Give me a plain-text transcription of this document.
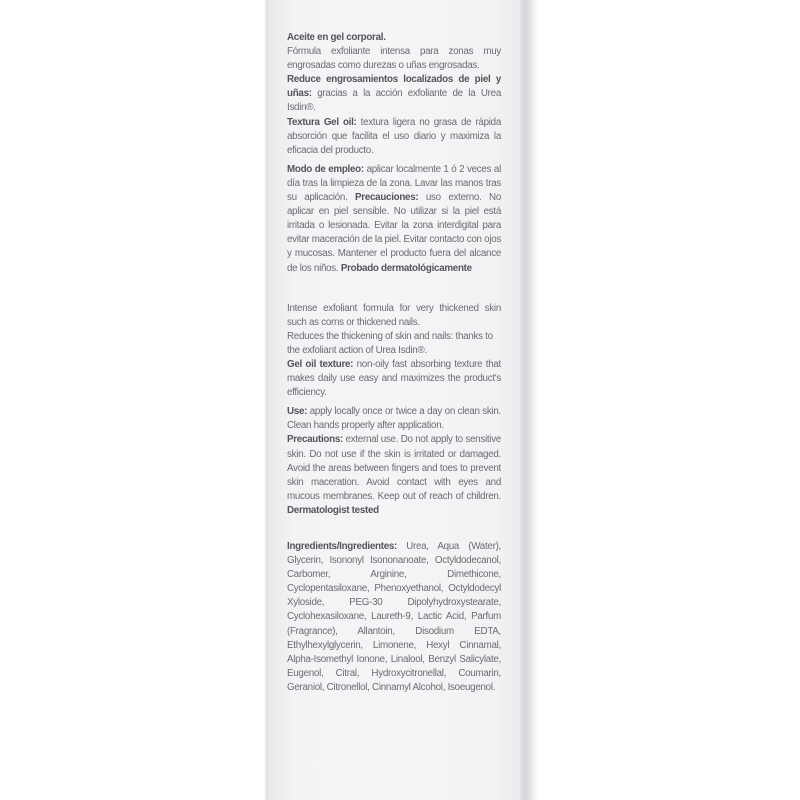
Aceite en gel corporal.

Fórmula exfoliante intensa para zonas muy engrosadas como durezas o uñas engrosadas.

Reduce engrosamientos localizados de piel y uñas: gracias a la acción exfoliante de la Urea Isdin®.

Textura Gel oil: textura ligera no grasa de rápida absorción que facilita el uso diario y maximiza la eficacia del producto.

Modo de empleo: aplicar localmente 1 ó 2 veces al día tras la limpieza de la zona. Lavar las manos tras su aplicación. Precauciones: uso externo. No aplicar en piel sensible. No utilizar si la piel está irritada o lesionada. Evitar la zona interdigital para evitar maceración de la piel. Evitar contacto con ojos y mucosas. Mantener el producto fuera del alcance de los niños. Probado dermatológicamente

Intense exfoliant formula for very thickened skin such as corns or thickened nails.

Reduces the thickening of skin and nails: thanks to the exfoliant action of Urea Isdin®.

Gel oil texture: non-oily fast absorbing texture that makes daily use easy and maximizes the product's efficiency.

Use: apply locally once or twice a day on clean skin. Clean hands properly after application.

Precautions: external use. Do not apply to sensitive skin. Do not use if the skin is irritated or damaged. Avoid the areas between fingers and toes to prevent skin maceration. Avoid contact with eyes and mucous membranes. Keep out of reach of children. Dermatologist tested

Ingredients/Ingredientes: Urea, Aqua (Water), Glycerin, Isononyl Isononanoate, Octyldodecanol, Carbomer, Arginine, Dimethicone, Cyclopentasiloxane, Phenoxyethanol, Octyldodecyl Xyloside, PEG-30 Dipolyhydroxystearate, Cyclohexasiloxane, Laureth-9, Lactic Acid, Parfum (Fragrance), Allantoin, Disodium EDTA, Ethylhexylglycerin, Limonene, Hexyl Cinnamal, Alpha-Isomethyl Ionone, Linalool, Benzyl Salicylate, Eugenol, Citral, Hydroxycitronellal, Coumarin, Geraniol, Citronellol, Cinnamyl Alcohol, Isoeugenol.
